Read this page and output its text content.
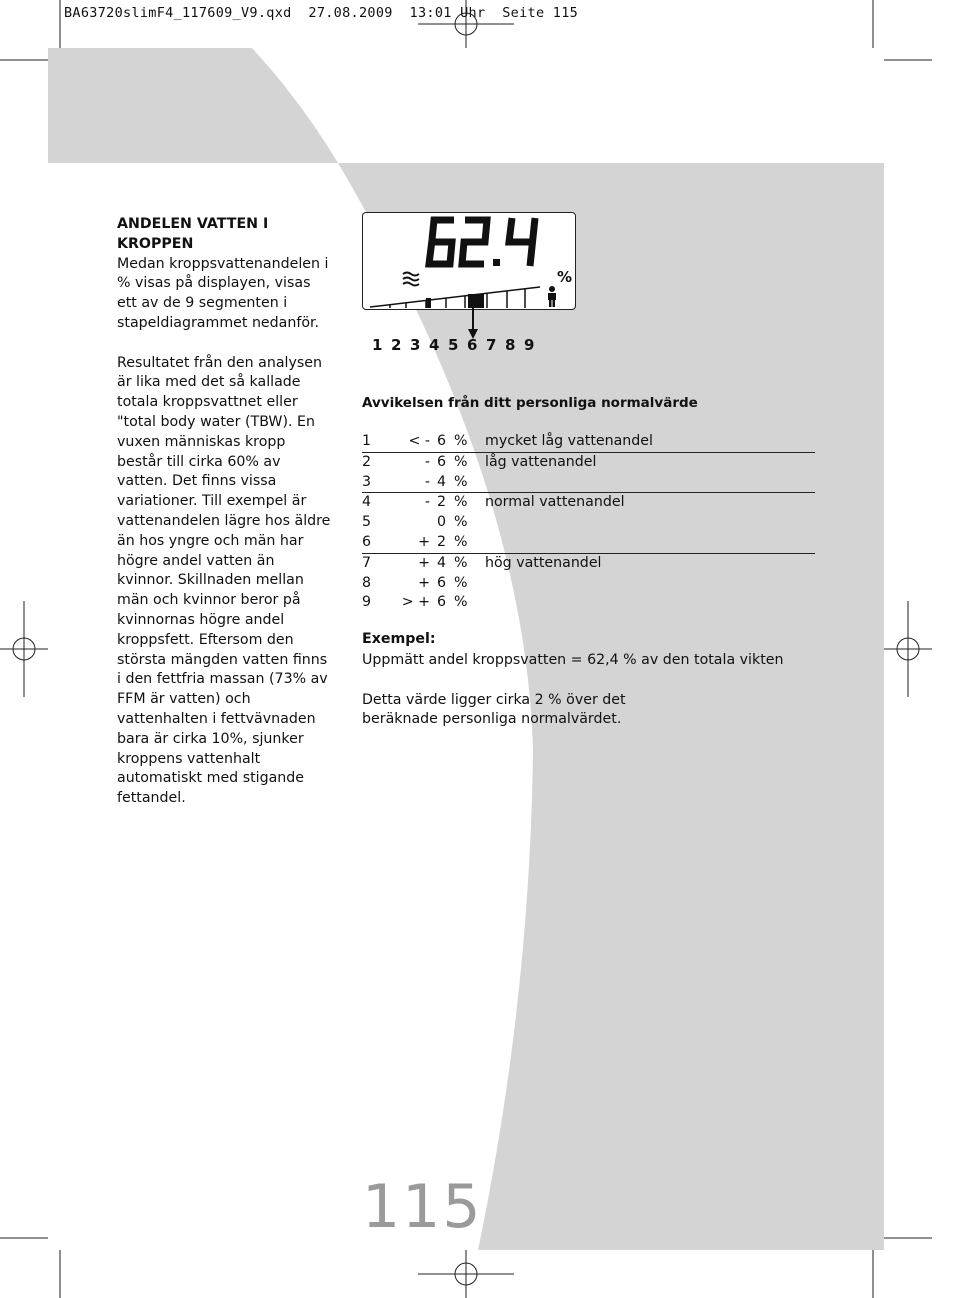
BA63720slimF4_117609_V9.qxd  27.08.2009  13:01 Uhr  Seite 115
ANDELEN VATTEN I KROPPEN

Medan kroppsvattenandelen i % visas på displayen, visas ett av de 9 segmenten i stapeldiagrammet nedanför.

Resultatet från den analysen är lika med det så kallade totala kroppsvattnet eller "total body water (TBW). En vuxen människas kropp består till cirka 60% av vatten. Det finns vissa variationer. Till exempel är vattenandelen lägre hos äldre än hos yngre och män har högre andel vatten än kvinnor. Skillnaden mellan män och kvinnor beror på kvinnornas högre andel kroppsfett. Eftersom den största mängden vatten finns i den fettfria massan (73% av FFM är vatten) och vattenhalten i fettvävnaden bara är cirka 10%, sjunker kroppens vattenhalt automatiskt med stigande fettandel.

%
1 2 3 4 5 6 7 8 9
Avvikelsen från ditt personliga normalvärde
1	< - 6 % mycket låg vattenandel
2	- 6 % låg vattenandel
3	- 4 %
4	- 2 % normal vattenandel
5	0 %
6	+ 2 %
7	+ 4 % hög vattenandel
8	+ 6 %
9	> + 6 %
Exempel:

Uppmätt andel kroppsvatten = 62,4 % av den totala vikten

Detta värde ligger cirka 2 % över det beräknade personliga normalvärdet.

115
